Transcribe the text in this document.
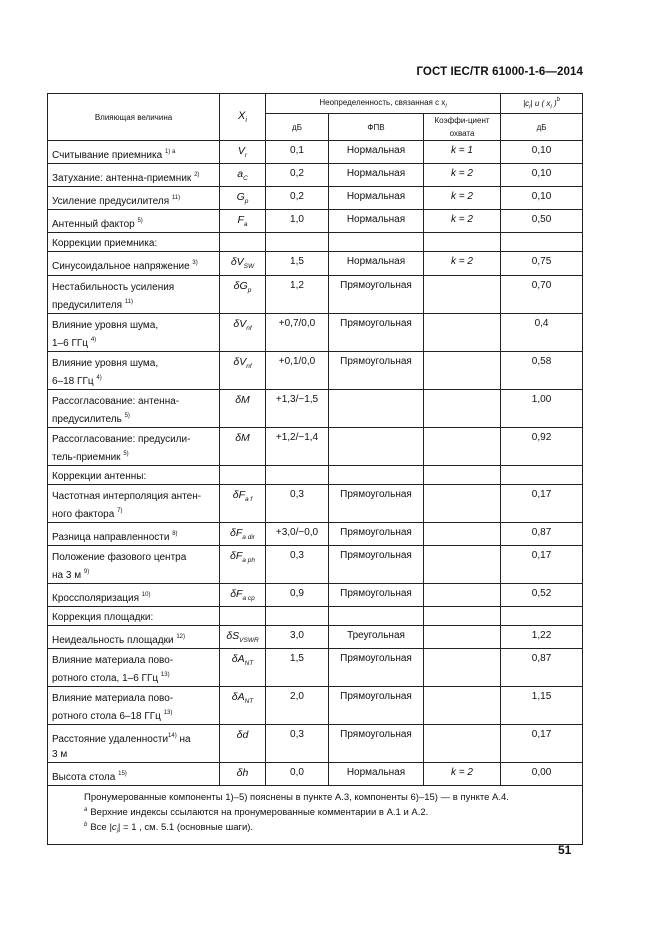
ГОСТ IEC/TR 61000-1-6—2014
Влияющая величина	$X_i$	Неопределенность, связанная с $x_i$			$|c_i|$ u ( $x_i$ )$^b$
		дБ	ФПВ	Коэффи-циент охвата	дБ
Считывание приемника $^{1) a}$	$V_r$	0,1	Нормальная	k = 1	0,10
Затухание: антенна-приемник $^{2)}$	$a_C$	0,2	Нормальная	k = 2	0,10
Усиление предусилителя $^{11)}$	$G_p$	0,2	Нормальная	k = 2	0,10
Антенный фактор $^{5)}$	$F_a$	1,0	Нормальная	k = 2	0,50
Коррекции приемника:					
Синусоидальное напряжение $^{3)}$	$\delta V_{SW}$	1,5	Нормальная	k = 2	0,75
Нестабильность усиления
предусилителя $^{11)}$	$\delta G_p$	1,2	Прямоугольная		0,70
Влияние уровня шума,
1–6 ГГц $^{4)}$	$\delta V_{nf}$	+0,7/0,0	Прямоугольная		0,4
Влияние уровня шума,
6–18 ГГц $^{4)}$	$\delta V_{nf}$	+0,1/0,0	Прямоугольная		0,58
Рассогласование: антенна-
предусилитель $^{5)}$	δM	+1,3/−1,5			1,00
Рассогласование: предусили-
тель-приемник $^{5)}$	δM	+1,2/−1,4			0,92
Коррекции антенны:					
Частотная интерполяция антен-
ного фактора $^{7)}$	$\delta F_{a f}$	0,3	Прямоугольная		0,17
Разница направленности $^{8)}$	$\delta F_{a dir}$	+3,0/−0,0	Прямоугольная		0,87
Положение фазового центра
на 3 м $^{9)}$	$\delta F_{a ph}$	0,3	Прямоугольная		0,17
Кроссполяризация $^{10)}$	$\delta F_{a cp}$	0,9	Прямоугольная		0,52
Коррекция площадки:					
Неидеальность площадки $^{12)}$	$\delta S_{VSWR}$	3,0	Треугольная		1,22
Влияние материала пово-
ротного стола, 1–6 ГГц $^{13)}$	$\delta A_{NT}$	1,5	Прямоугольная		0,87
Влияние материала пово-
ротного стола 6–18 ГГц $^{13)}$	$\delta A_{NT}$	2,0	Прямоугольная		1,15
Расстояние удаленности$^{14)}$ на
3 м	δd	0,3	Прямоугольная		0,17
Высота стола $^{15)}$	δh	0,0	Нормальная	k = 2	0,00

Пронумерованные компоненты 1)–5) пояснены в пункте А.3, компоненты 6)–15) — в пункте А.4.
$^a$ Верхние индексы ссылаются на пронумерованные комментарии в А.1 и А.2.
$^b$ Все $|c_i| = 1$ , см. 5.1 (основные шаги).					
51
